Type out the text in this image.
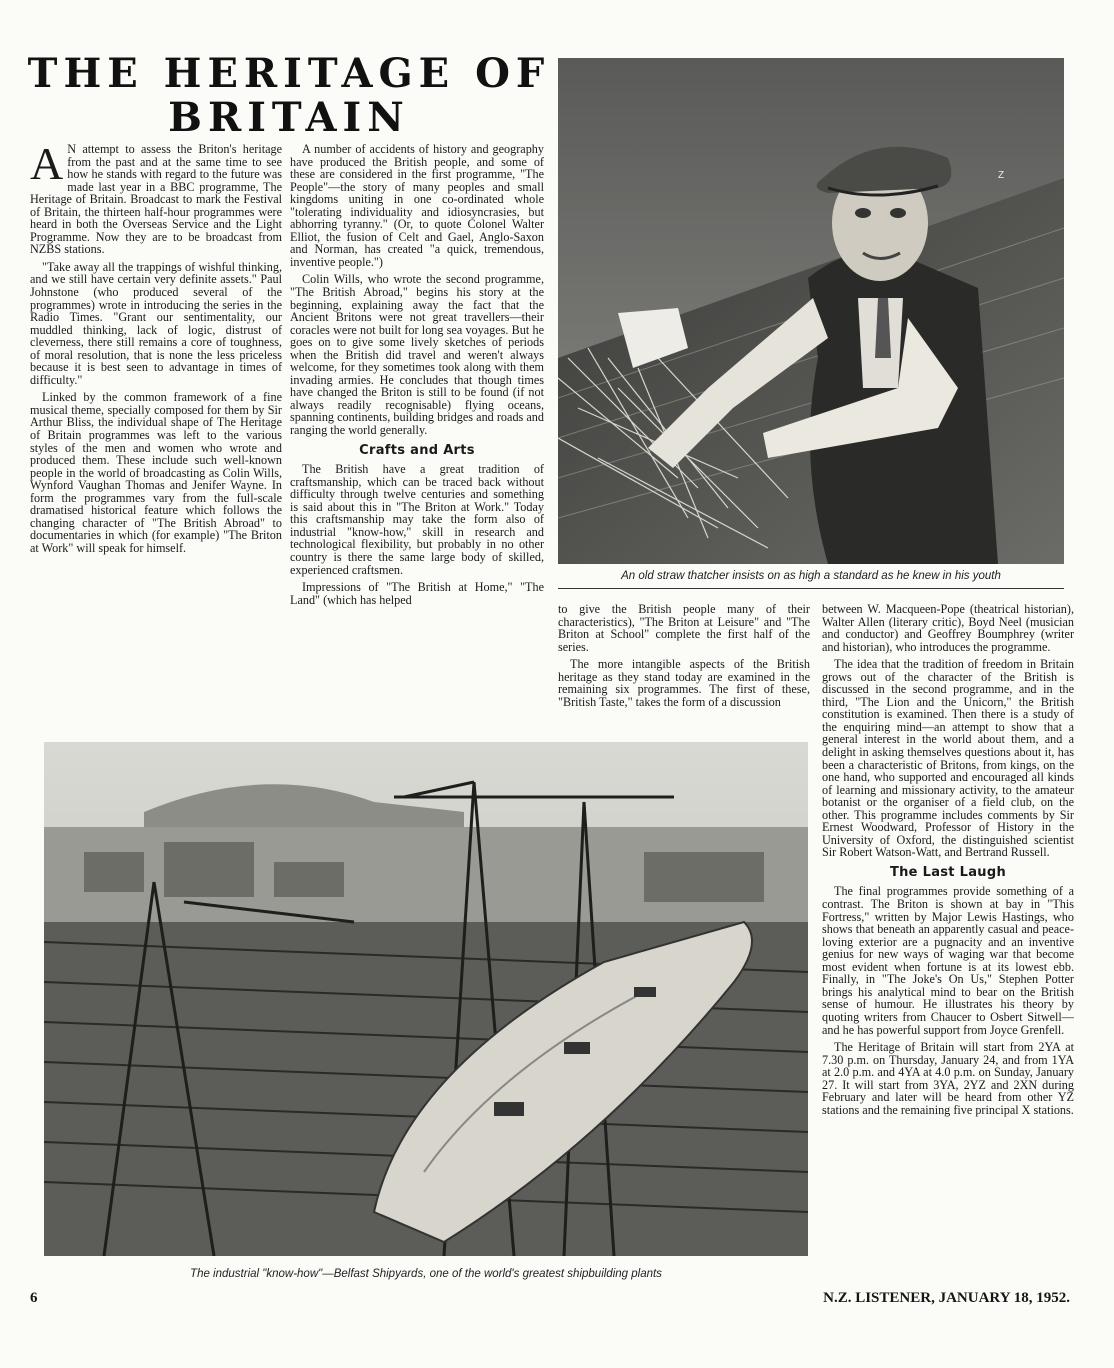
THE HERITAGE OF BRITAIN
A N attempt to assess the Briton's heritage from the past and at the same time to see how he stands with regard to the future was made last year in a BBC programme, The Heritage of Britain. Broadcast to mark the Festival of Britain, the thirteen half-hour programmes were heard in both the Overseas Service and the Light Programme. Now they are to be broadcast from NZBS stations.

"Take away all the trappings of wishful thinking, and we still have certain very definite assets." Paul Johnstone (who produced several of the programmes) wrote in introducing the series in the Radio Times. "Grant our sentimentality, our muddled thinking, lack of logic, distrust of cleverness, there still remains a core of toughness, of moral resolution, that is none the less priceless because it is best seen to advantage in times of difficulty."

Linked by the common framework of a fine musical theme, specially composed for them by Sir Arthur Bliss, the individual shape of The Heritage of Britain programmes was left to the various styles of the men and women who wrote and produced them. These include such well-known people in the world of broadcasting as Colin Wills, Wynford Vaughan Thomas and Jenifer Wayne. In form the programmes vary from the full-scale dramatised historical feature which follows the changing character of "The British Abroad" to documentaries in which (for example) "The Briton at Work" will speak for himself.

A number of accidents of history and geography have produced the British people, and some of these are considered in the first programme, "The People"—the story of many peoples and small kingdoms uniting in one co-ordinated whole "tolerating individuality and idiosyncrasies, but abhorring tyranny." (Or, to quote Colonel Walter Elliot, the fusion of Celt and Gael, Anglo-Saxon and Norman, has created "a quick, tremendous, inventive people.")

Colin Wills, who wrote the second programme, "The British Abroad," begins his story at the beginning, explaining away the fact that the Ancient Britons were not great travellers—their coracles were not built for long sea voyages. But he goes on to give some lively sketches of periods when the British did travel and weren't always welcome, for they sometimes took along with them invading armies. He concludes that though times have changed the Briton is still to be found (if not always readily recognisable) flying oceans, spanning continents, building bridges and roads and ranging the world generally.

Crafts and Arts

The British have a great tradition of craftsmanship, which can be traced back without difficulty through twelve centuries and something is said about this in "The Briton at Work." Today this craftsmanship may take the form also of industrial "know-how," skill in research and technological flexibility, but probably in no other country is there the same large body of skilled, experienced craftsmen.

Impressions of "The British at Home," "The Land" (which has helped

Z
An old straw thatcher insists on as high a standard as he knew in his youth

to give the British people many of their characteristics), "The Briton at Leisure" and "The Briton at School" complete the first half of the series.

The more intangible aspects of the British heritage as they stand today are examined in the remaining six programmes. The first of these, "British Taste," takes the form of a discussion

between W. Macqueen-Pope (theatrical historian), Walter Allen (literary critic), Boyd Neel (musician and conductor) and Geoffrey Boumphrey (writer and historian), who introduces the programme.

The idea that the tradition of freedom in Britain grows out of the character of the British is discussed in the second programme, and in the third, "The Lion and the Unicorn," the British constitution is examined. Then there is a study of the enquiring mind—an attempt to show that a general interest in the world about them, and a delight in asking themselves questions about it, has been a characteristic of Britons, from kings, on the one hand, who supported and encouraged all kinds of learning and missionary activity, to the amateur botanist or the organiser of a field club, on the other. This programme includes comments by Sir Ernest Woodward, Professor of History in the University of Oxford, the distinguished scientist Sir Robert Watson-Watt, and Bertrand Russell.

The Last Laugh

The final programmes provide something of a contrast. The Briton is shown at bay in "This Fortress," written by Major Lewis Hastings, who shows that beneath an apparently casual and peace-loving exterior are a pugnacity and an inventive genius for new ways of waging war that become most evident when fortune is at its lowest ebb. Finally, in "The Joke's On Us," Stephen Potter brings his analytical mind to bear on the British sense of humour. He illustrates his theory by quoting writers from Chaucer to Osbert Sitwell—and he has powerful support from Joyce Grenfell.

The Heritage of Britain will start from 2YA at 7.30 p.m. on Thursday, January 24, and from 1YA at 2.0 p.m. and 4YA at 4.0 p.m. on Sunday, January 27. It will start from 3YA, 2YZ and 2XN during February and later will be heard from other YZ stations and the remaining five principal X stations.

The industrial "know-how"—Belfast Shipyards, one of the world's greatest shipbuilding plants
6	N.Z. LISTENER, JANUARY 18, 1952.
